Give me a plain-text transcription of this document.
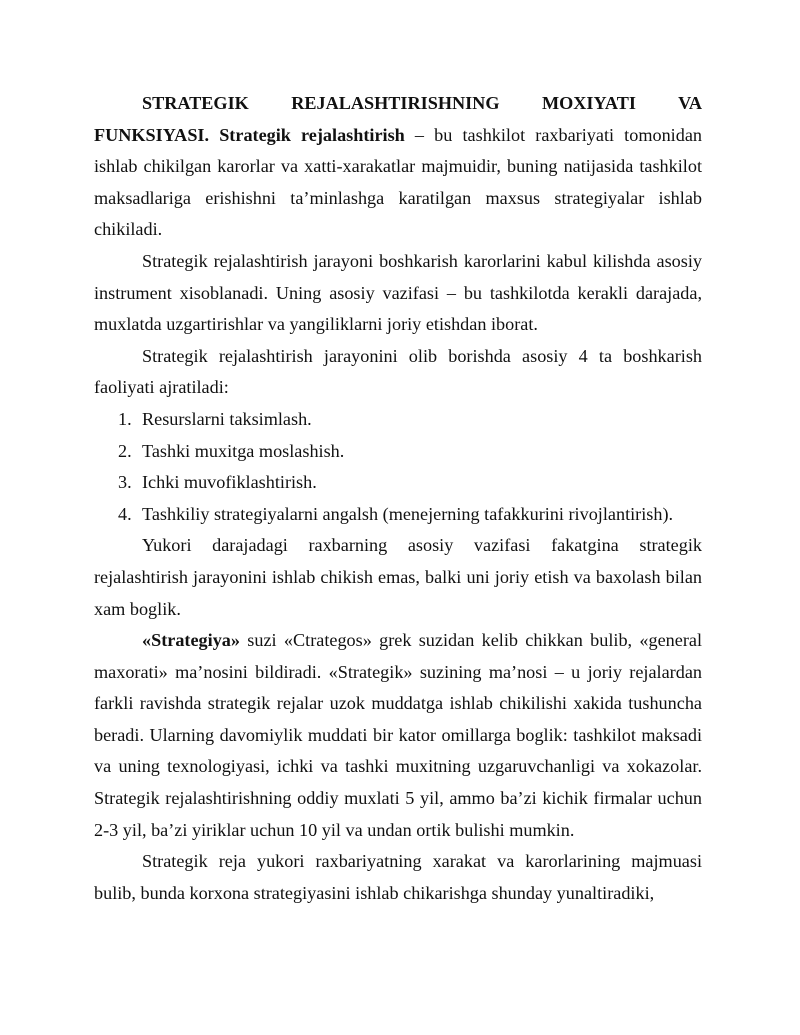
STRATEGIK REJALASHTIRISHNING MOXIYATI VA

FUNKSIYASI. Strategik rejalashtirish – bu tashkilot raxbariyati tomonidan ishlab chikilgan karorlar va xatti-xarakatlar majmuidir, buning natijasida tashkilot maksadlariga erishishni ta’minlashga karatilgan maxsus strategiyalar ishlab chikiladi.

Strategik rejalashtirish jarayoni boshkarish karorlarini kabul kilishda asosiy instrument xisoblanadi. Uning asosiy vazifasi – bu tashkilotda kerakli darajada, muxlatda uzgartirishlar va yangiliklarni joriy etishdan iborat.

Strategik rejalashtirish jarayonini olib borishda asosiy 4 ta boshkarish faoliyati ajratiladi:

1. Resurslarni taksimlash.
2. Tashki muxitga moslashish.
3. Ichki muvofiklashtirish.
4. Tashkiliy strategiyalarni angalsh (menejerning tafakkurini rivojlantirish).

Yukori darajadagi raxbarning asosiy vazifasi fakatgina strategik rejalashtirish jarayonini ishlab chikish emas, balki uni joriy etish va baxolash bilan xam boglik.

«Strategiya» suzi «Ctrategos» grek suzidan kelib chikkan bulib, «general maxorati» ma’nosini bildiradi. «Strategik» suzining ma’nosi – u joriy rejalardan farkli ravishda strategik rejalar uzok muddatga ishlab chikilishi xakida tushuncha beradi. Ularning davomiylik muddati bir kator omillarga boglik: tashkilot maksadi va uning texnologiyasi, ichki va tashki muxitning uzgaruvchanligi va xokazolar. Strategik rejalashtirishning oddiy muxlati 5 yil, ammo ba’zi kichik firmalar uchun 2-3 yil, ba’zi yiriklar uchun 10 yil va undan ortik bulishi mumkin.

Strategik reja yukori raxbariyatning xarakat va karorlarining majmuasi bulib, bunda korxona strategiyasini ishlab chikarishga shunday yunaltiradiki,
